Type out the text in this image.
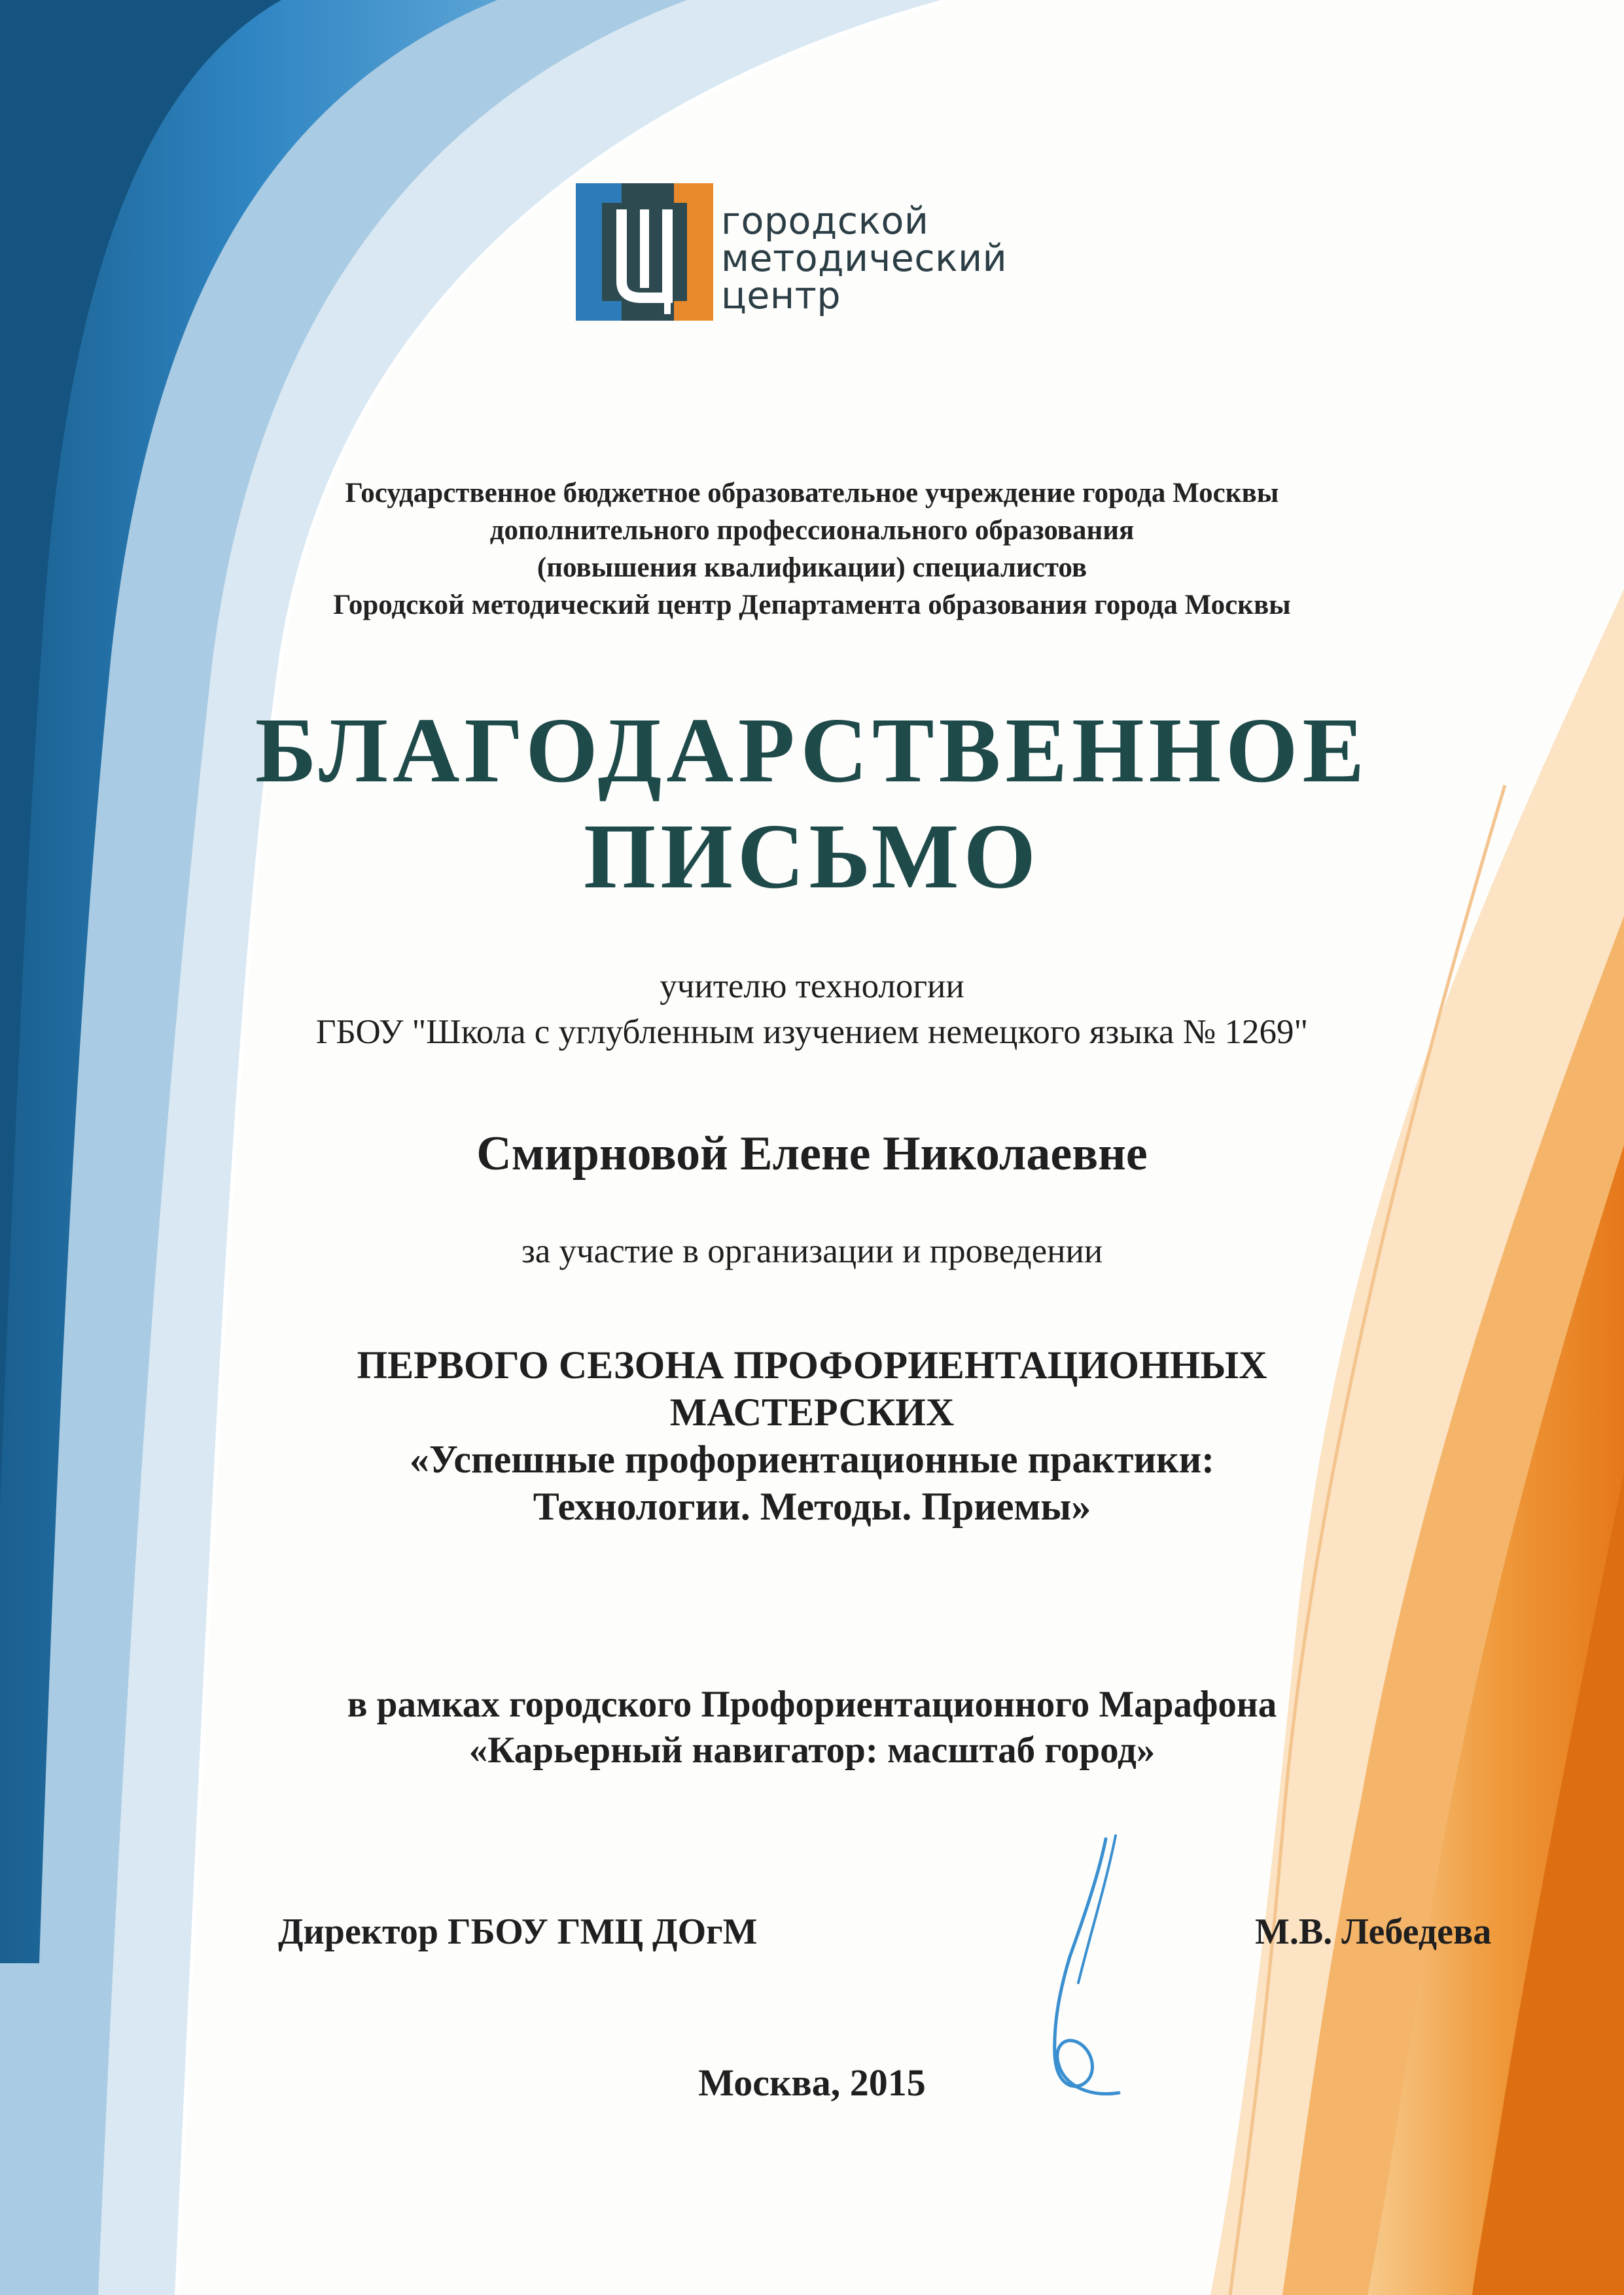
городской
методический
центр
Государственное бюджетное образовательное учреждение города Москвы
дополнительного профессионального образования
(повышения квалификации) специалистов
Городской методический центр Департамента образования города Москвы
БЛАГОДАРСТВЕННОЕ
ПИСЬМО
учителю технологии
ГБОУ "Школа с углубленным изучением немецкого языка № 1269"
Смирновой Елене Николаевне
за участие в организации и проведении
ПЕРВОГО СЕЗОНА ПРОФОРИЕНТАЦИОННЫХ
МАСТЕРСКИХ
«Успешные профориентационные практики:
Технологии. Методы. Приемы»
в рамках городского Профориентационного Марафона
«Карьерный навигатор: масштаб город»
Директор ГБОУ ГМЦ ДОгМ	М.В. Лебедева
Москва, 2015
